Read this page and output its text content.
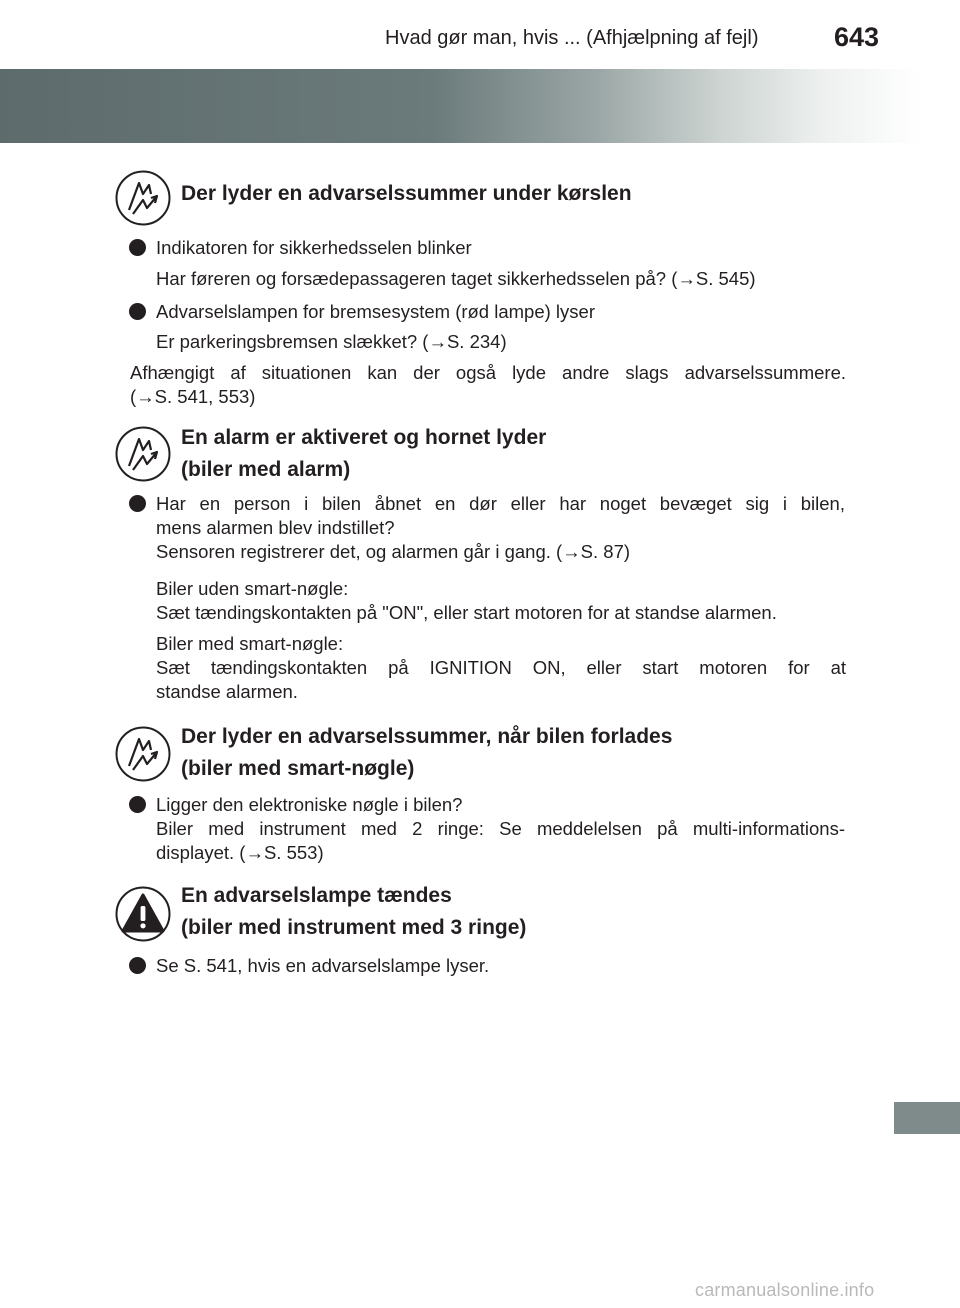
Hvad gør man, hvis ... (Afhjælpning af fejl)	643
Der lyder en advarselssummer under kørslen
Indikatoren for sikkerhedsselen blinker
Har føreren og forsædepassageren taget sikkerhedsselen på? (→S. 545)
Advarselslampen for bremsesystem (rød lampe) lyser
Er parkeringsbremsen slækket? (→S. 234)
Afhængigt af situationen kan der også lyde andre slags advarselssummere.
(→S. 541, 553)
En alarm er aktiveret og hornet lyder
(biler med alarm)
Har en person i bilen åbnet en dør eller har noget bevæget sig i bilen,
mens alarmen blev indstillet?
Sensoren registrerer det, og alarmen går i gang. (→S. 87)
Biler uden smart-nøgle:
Sæt tændingskontakten på "ON", eller start motoren for at standse alarmen.
Biler med smart-nøgle:
Sæt tændingskontakten på IGNITION ON, eller start motoren for at
standse alarmen.
Der lyder en advarselssummer, når bilen forlades
(biler med smart-nøgle)
Ligger den elektroniske nøgle i bilen?
Biler med instrument med 2 ringe: Se meddelelsen på multi-informations-
displayet. (→S. 553)
En advarselslampe tændes
(biler med instrument med 3 ringe)
Se S. 541, hvis en advarselslampe lyser.
carmanualsonline.info
